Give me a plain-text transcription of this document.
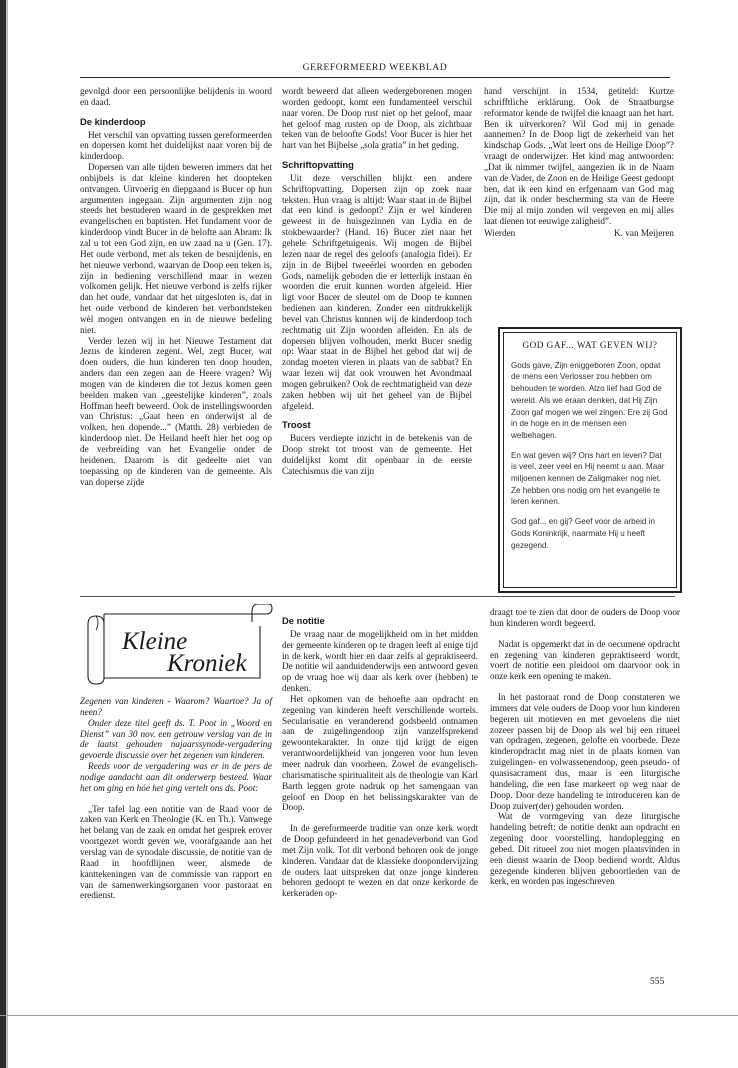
GEREFORMEERD WEEKBLAD

gevolgd door een persoonlijke belijdenis in woord en daad.

De kinderdoop

Het verschil van opvatting tussen gereformeerden en dopersen komt het duidelijkst naar voren bij de kinderdoop.

Dopersen van alle tijden beweren immers dat het onbijbels is dat kleine kinderen het doopteken ontvangen. Uitvoerig en diepgaand is Bucer op hun argumenten ingegaan. Zijn argumenten zijn nog steeds het bestuderen waard in de gesprekken met evangelischen en baptisten. Het fundament voor de kinderdoop vindt Bucer in de belofte aan Abram: Ik zal u tot een God zijn, en uw zaad na u (Gen. 17). Het oude verbond, met als teken de besnijdenis, en het nieuwe verbond, waarvan de Doop een teken is, zijn in bediening verschillend maar in wezen volkomen gelijk. Het nieuwe verbond is zelfs rijker dan het oude, vandaar dat het uitgesloten is, dat in het oude verbond de kinderen het verbondsteken wèl mogen ontvangen en in de nieuwe bedeling niet.

Verder lezen wij in het Nieuwe Testament dat Jezus de kinderen zegent. Wel, zegt Bucer, wat doen ouders, die hun kinderen ten doop houden, anders dan een zegen aan de Heere vragen? Wij mogen van de kinderen die tot Jezus komen geen beelden maken van „geestelijke kinderen”, zoals Hoffman heeft beweerd. Ook de instellingswoorden van Christus: „Gaat heen en onderwijst al de volken, hen dopende...” (Matth. 28) verbieden de kinderdoop niet. De Heiland heeft hier het oog op de verbreiding van het Evangelie onder de heidenen. Daarom is dit gedeelte niet van toepassing op de kinderen van de gemeente. Als van doperse zijde

wordt beweerd dat alleen wedergeborenen mogen worden gedoopt, komt een fundamenteel verschil naar voren. De Doop rust niet op het geloof, maar het geloof mag rusten op de Doop, als zichtbaar teken van de beloofte Gods! Voor Bucer is hier het hart van het Bijbelse „sola gratia” in het geding.

Schriftopvatting

Uit deze verschillen blijkt een andere Schriftopvatting. Dopersen zijn op zoek naar teksten. Hun vraag is altijd: Waar staat in de Bijbel dat een kind is gedoopt? Zijn er wel kinderen geweest in de huisgezinnen van Lydia en de stokbewaarder? (Hand. 16) Bucer ziet naar het gehele Schriftgetuigenis. Wij mogen de Bijbel lezen naar de regel des geloofs (analogia fidei). Er zijn in de Bijbel tweeërlei woorden en geboden Gods, namelijk geboden die er letterlijk instaan èn woorden die eruit kunnen worden afgeleid. Hier ligt voor Bucer de sleutel om de Doop te kunnen bedienen aan kinderen. Zonder een uitdrukkelijk bevel van Christus kunnen wij de kinderdoop toch rechtmatig uit Zijn woorden afleiden. En als de dopersen blijven volhouden, merkt Bucer snedig op: Waar staat in de Bijbel het gebod dat wij de zondag moeten vieren in plaats van de sabbat? En waar lezen wij dat ook vrouwen het Avondmaal mogen gebruiken? Ook de rechtmatigheid van deze zaken hebben wij uit het geheel van de Bijbel afgeleid.

Troost

Bucers verdiepte inzicht in de betekenis van de Doop strekt tot troost van de gemeente. Het duidelijkst komt dit openbaar in de eerste Catechismus die van zijn

hand verschijnt in 1534, getiteld: Kurtze schrifftliche erklärung. Ook de Straatburgse reformator kende de twijfel die knaagt aan het hart. Ben ik uitverkoren? Wil God mij in genade aannemen? In de Doop ligt de zekerheid van het kindschap Gods. „Wat leert ons de Heilige Doop”? vraagt de onderwijzer. Het kind mag antwoorden: „Dat ik nimmer twijfel, aangezien ik in de Naam van de Vader, de Zoon en de Heilige Geest gedoopt ben, dat ik een kind en erfgenaam van God mag zijn, dat ik onder bescherming sta van de Heere Die mij al mijn zonden wil vergeven en mij alles laat dienen tot eeuwige zaligheid”.

Wierden	K. van Meijeren
GOD GAF... WAT GEVEN WIJ?

Gods gave, Zijn eniggeboren Zoon, opdat de mens een Verlosser zou hebben om behouden te worden. Alzo lief had God de wereld. Als we eraan denken, dat Hij Zijn Zoon gaf mogen we wel zingen: Ere zij God in de hoge en in de mensen een welbehagen.

En wat geven wij? Ons hart en leven? Dat is veel, zeer veel en Hij neemt u aan. Maar miljoenen kennen de Zaligmaker nog niet. Ze hebben ons nodig om het evangelie te leren kennen.

God gaf... en gij? Geef voor de arbeid in Gods Koninkrijk, naarmate Hij u heeft gezegend.

Kleine
Kroniek

Zegenen van kinderen - Waarom? Waartoe? Ja of neen?

Onder deze titel geeft ds. T. Poot in „Woord en Dienst” van 30 nov. een getrouw verslag van de in de laatst gehouden najaarssynode-vergadering gevoerde discussie over het zegenen van kinderen.

Reeds voor de vergadering was er in de pers de nodige aandacht aan dit onderwerp besteed. Waar het om ging en hóe het ging vertelt ons ds. Poot:

„Ter tafel lag een notitie van de Raad voor de zaken van Kerk en Theologie (K. en Th.). Vanwege het belang van de zaak en omdat het gesprek erover voortgezet wordt geven we, voorafgaande aan het verslag van de synodale discussie, de notitie van de Raad in hoofdlijnen weer, alsmede de kanttekeningen van de commissie van rapport en van de samenwerkingsorganen voor pastoraat en eredienst.

De notitie

De vraag naar de mogelijkheid om in het midden der gemeente kinderen op te dragen leeft al enige tijd in de kerk, wordt hier en daar zelfs al gepraktiseerd. De notitie wil aanduidenderwijs een antwoord geven op de vraag hoe wij daar als kerk over (hebben) te denken.

Het opkomen van de behoefte aan opdracht en zegening van kinderen heeft verschillende wortels. Secularisatie en veranderend godsbeeld ontnamen aan de zuigelingendoop zijn vanzelfsprekend gewoontekarakter. In onze tijd krijgt de eigen verantwoordelijkheid van jongeren voor hun leven meer nadruk dan voorheen. Zowel de evangelisch-charismatische spiritualiteit als de theologie van Karl Barth leggen grote nadruk op het samengaan van geloof en Doop en het belissingskarakter van de Doop.

In de gereformeerde traditie van onze kerk wordt de Doop gefundeerd in het genadeverbond van God met Zijn volk. Tot dit verbond behoren ook de jonge kinderen. Vandaar dat de klassieke doopondervijzing de ouders laat uitspreken dat onze jonge kinderen behoren gedoopt te wezen en dat onze kerkorde de kerkeraden op-

draagt toe te zien dat door de ouders de Doop voor hun kinderen wordt begeerd.

Nadat is opgemerkt dat in de oecumene opdracht en zegening van kinderen gepraktiseerd wordt, voert de notitie een pleidooi om daarvoor ook in onze kerk een opening te maken.

In het pastoraat rond de Doop constateren we immers dat vele ouders de Doop voor hun kinderen begeren uit motieven en met gevoelens die niet zozeer passen bij de Doop als wel bij een ritueel van opdragen, zegenen, gelofte en voorbede. Deze kinderopdracht mag niet in de plaats komen van zuigelingen- en volwassenendoop, geen pseudo- of quasisacrament dus, maar is een liturgische handeling, die een fase markeert op weg naar de Doop. Door deze handeling te introduceren kan de Doop zuiver(der) gehouden worden.

Wat de vormgeving van deze liturgische handeling betreft: de notitie denkt aan opdracht en zegening door voorstelling, handoplegging en gebed. Dit ritueel zou niet mogen plaatsvinden in een dienst waarin de Doop bediend wordt. Aldus gezegende kinderen blijven geboortleden van de kerk, en worden pas ingeschreven

555
